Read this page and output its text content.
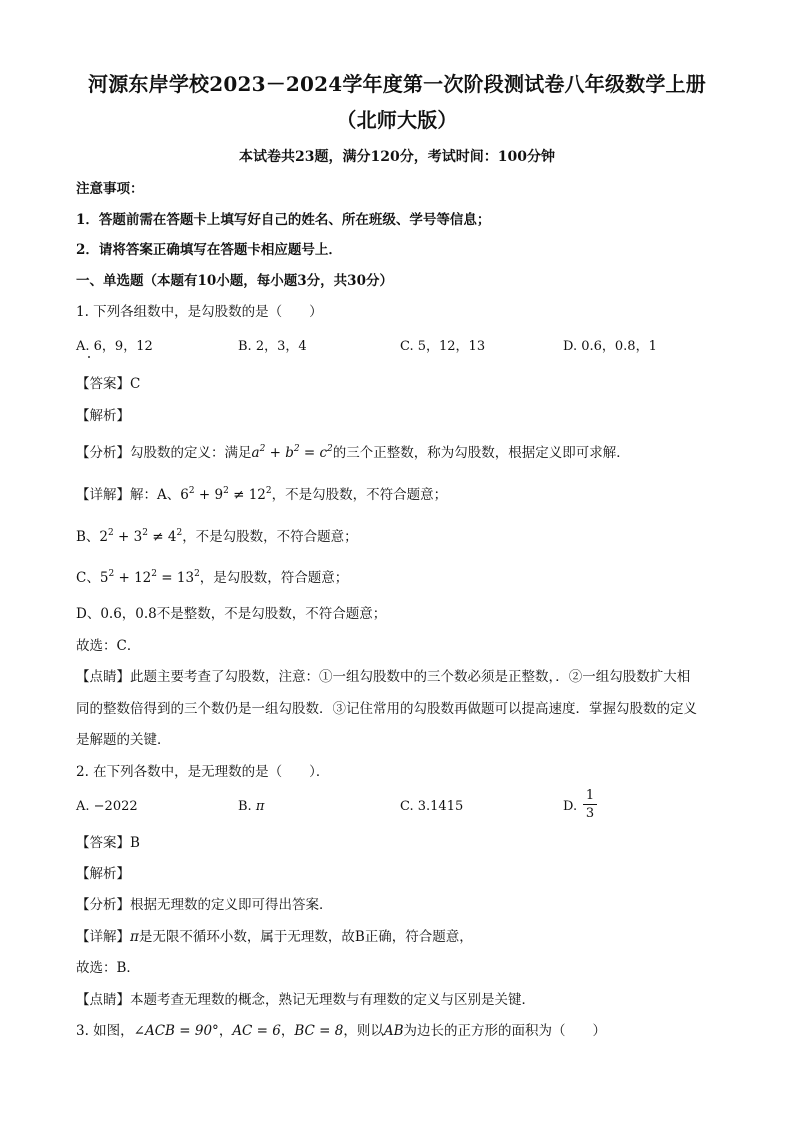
河源东岸学校2023－2024学年度第一次阶段测试卷八年级数学上册
（北师大版）
本试卷共23题，满分120分，考试时间：100分钟
注意事项：
1．答题前需在答题卡上填写好自己的姓名、所在班级、学号等信息；
2．请将答案正确填写在答题卡相应题号上．
一、单选题（本题有10小题，每小题3分，共30分）
1. 下列各组数中，是勾股数的是（　　）
A. 6，9，12	B. 2，3，4	C. 5，12，13	D. 0.6，0.8，1
【答案】C
【解析】
【分析】勾股数的定义：满足$a^2 + b^2 = c^2$的三个正整数，称为勾股数，根据定义即可求解．
【详解】解：A、$6^2 + 9^2 \ne 12^2$，不是勾股数，不符合题意；
B、$2^2 + 3^2 \ne 4^2$，不是勾股数，不符合题意；
C、$5^2 + 12^2 = 13^2$，是勾股数，符合题意；
D、0.6，0.8不是整数，不是勾股数，不符合题意；
故选：C．
【点睛】此题主要考查了勾股数，注意：①一组勾股数中的三个数必须是正整数，．②一组勾股数扩大相
同的整数倍得到的三个数仍是一组勾股数．③记住常用的勾股数再做题可以提高速度．掌握勾股数的定义
是解题的关键．
2. 在下列各数中，是无理数的是（　　）．
A. −2022	B. π	C. 3.1415	D.
1
3
【答案】B
【解析】
【分析】根据无理数的定义即可得出答案．
【详解】π是无限不循环小数，属于无理数，故B正确，符合题意，
故选：B．
【点睛】本题考查无理数的概念，熟记无理数与有理数的定义与区别是关键．
3. 如图，∠ACB = 90°，AC = 6，BC = 8，则以AB为边长的正方形的面积为（　　）
